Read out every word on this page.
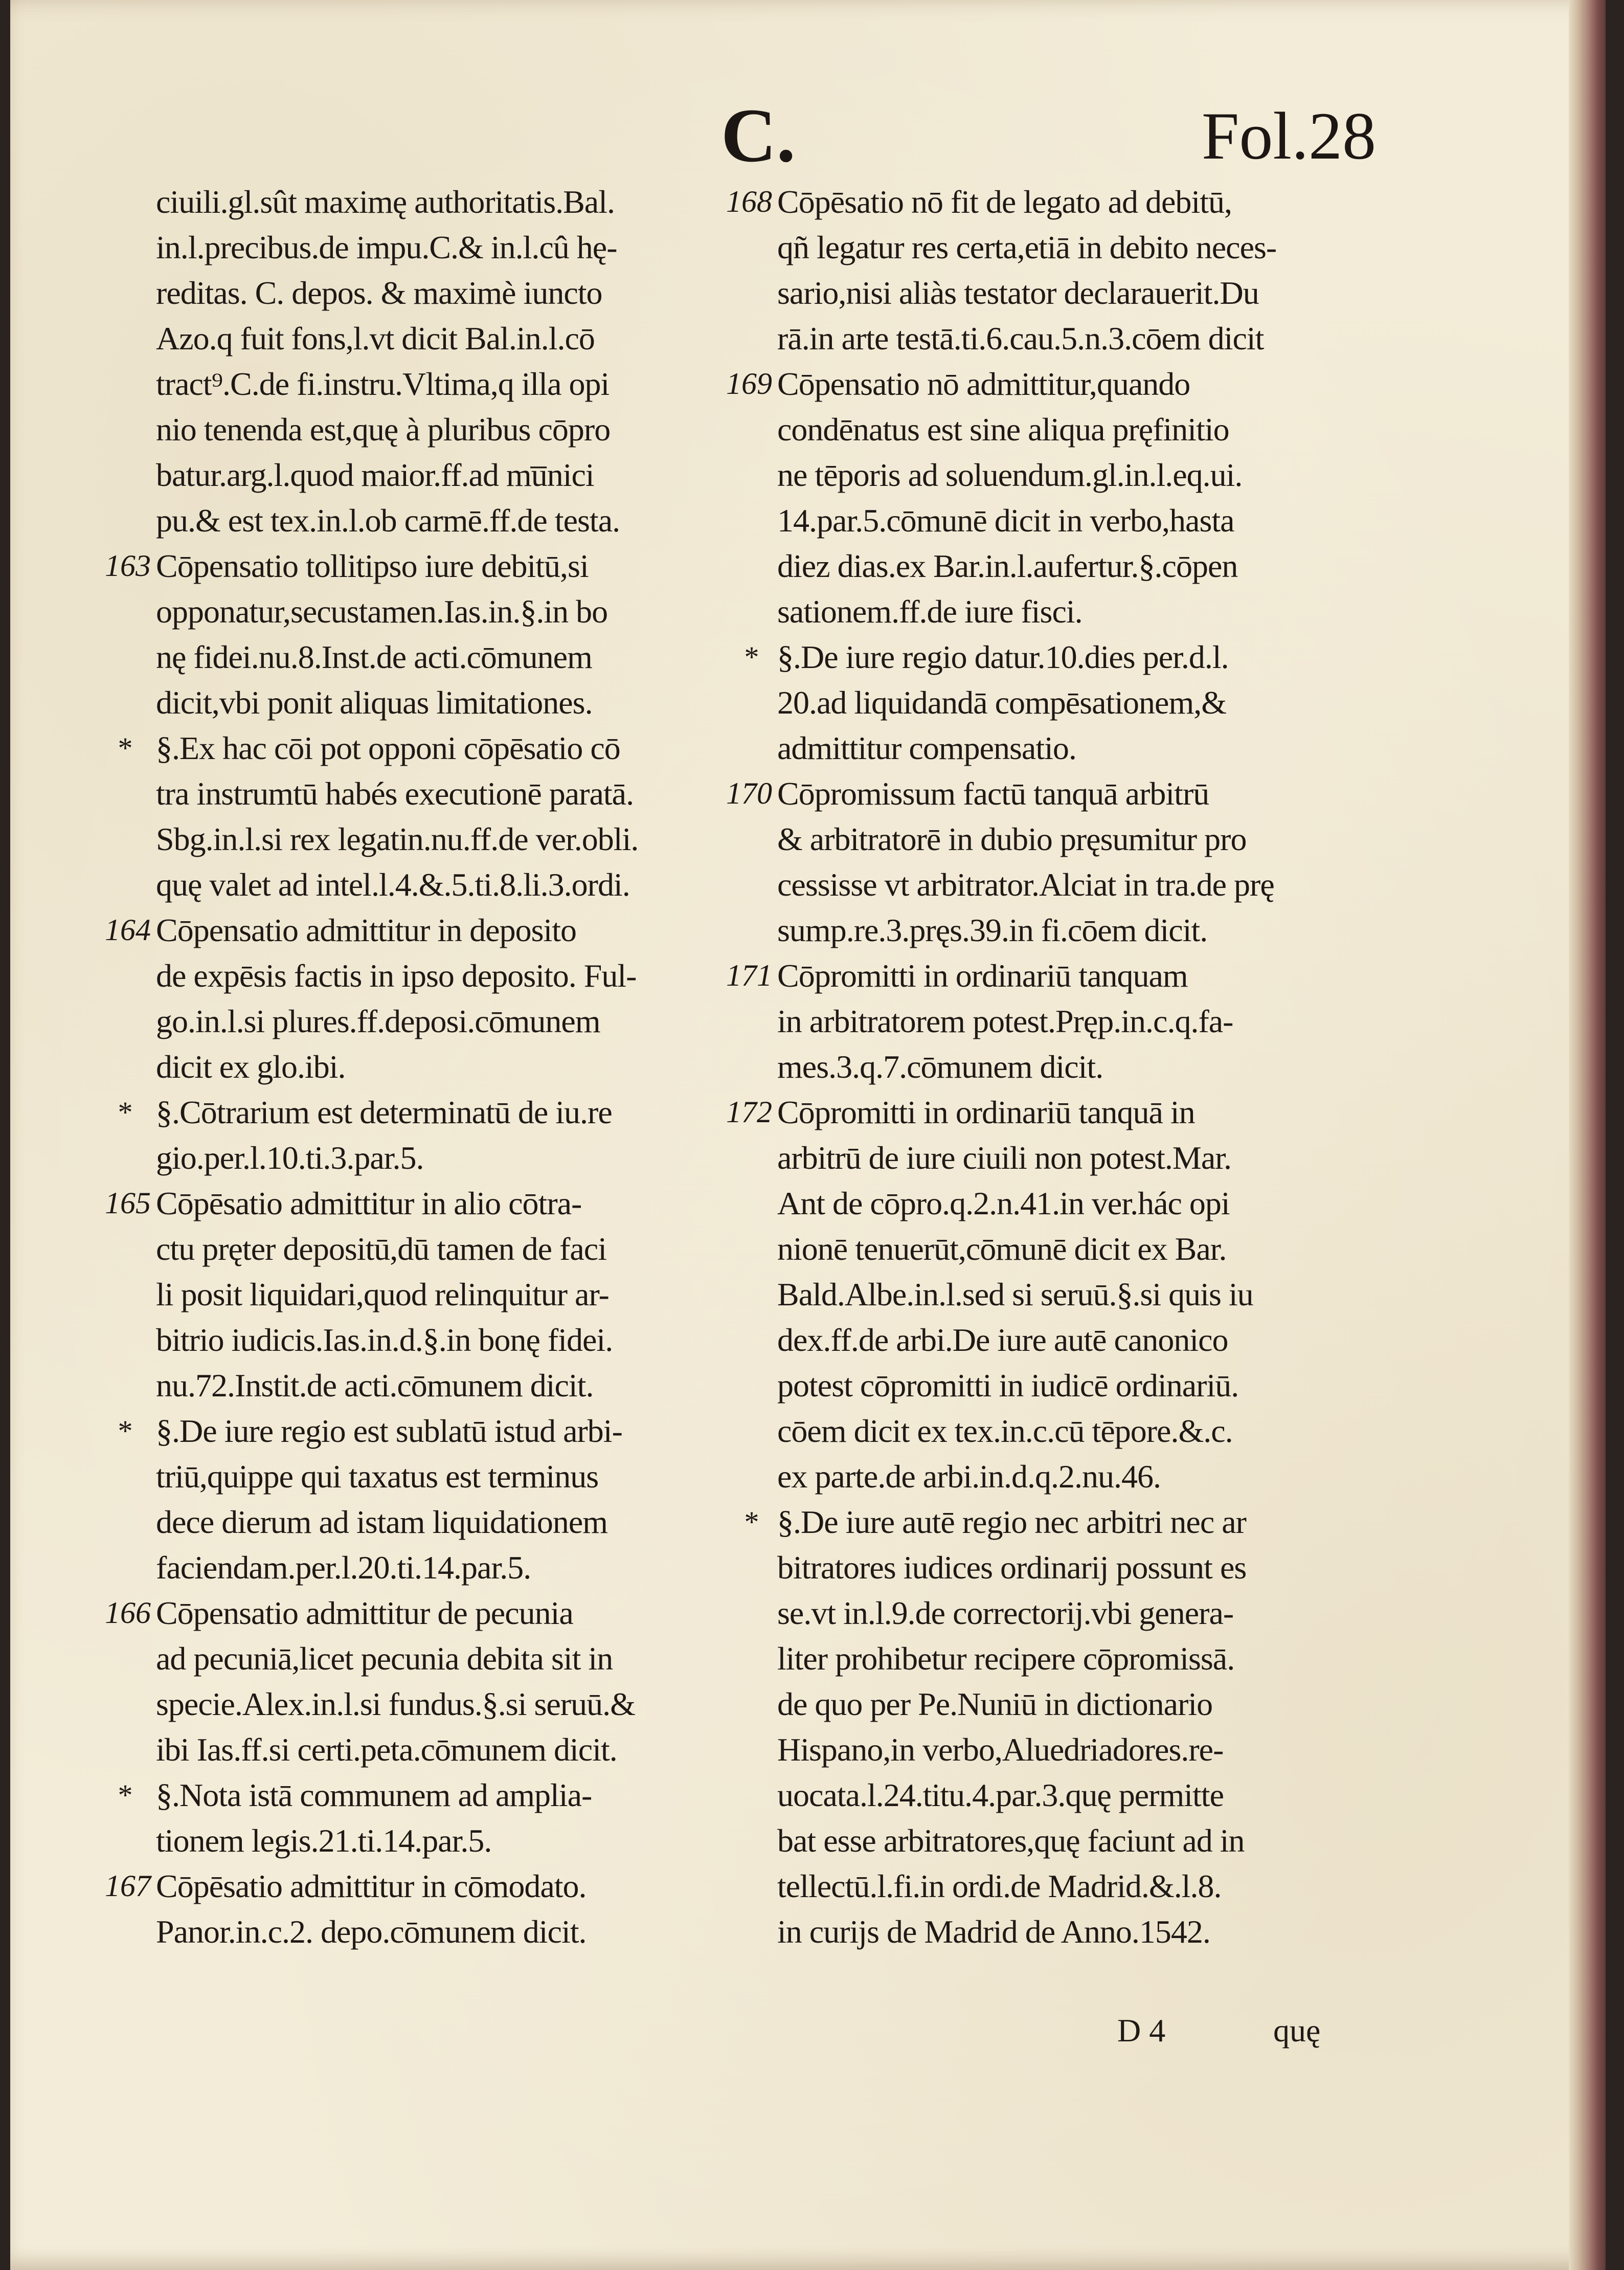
C.	Fol.28
ciuili.gl.sût maximę authoritatis.Bal.
in.l.precibus.de impu.C.& in.l.cû hę-
reditas. C. depos. & maximè iuncto
Azo.q fuit fons,l.vt dicit Bal.in.l.cō
tract⁹.C.de fi.instru.Vltima,q illa opi
nio tenenda est,quę à pluribus cōpro
batur.arg.l.quod maior.ff.ad mu̅nici
pu.& est tex.in.l.ob carmē.ff.de testa.
Cōpensatio tollitipso iure debitū,si
opponatur,secustamen.Ias.in.§.in bo
nę fidei.nu.8.Inst.de acti.cōmunem
dicit,vbi ponit aliquas limitationes.
§.Ex hac cōi pot opponi cōpēsatio cō
tra instrumtū habés executionē paratā.
Sbg.in.l.si rex legatin.nu.ff.de ver.obli.
quę valet ad intel.l.4.&.5.ti.8.li.3.ordi.
Cōpensatio admittitur in deposito
de expēsis factis in ipso deposito. Ful-
go.in.l.si plures.ff.deposi.cōmunem
dicit ex glo.ibi.
§.Cōtrarium est determinatū de iu.re
gio.per.l.10.ti.3.par.5.
Cōpēsatio admittitur in alio cōtra-
ctu pręter depositū,dū tamen de faci
li posit liquidari,quod relinquitur ar-
bitrio iudicis.Ias.in.d.§.in bonę fidei.
nu.72.Instit.de acti.cōmunem dicit.
§.De iure regio est sublatū istud arbi-
triū,quippe qui taxatus est terminus
dece dierum ad istam liquidationem
faciendam.per.l.20.ti.14.par.5.
Cōpensatio admittitur de pecunia
ad pecuniā,licet pecunia debita sit in
specie.Alex.in.l.si fundus.§.si seruū.&
ibi Ias.ff.si certi.peta.cōmunem dicit.
§.Nota istā communem ad amplia-
tionem legis.21.ti.14.par.5.
Cōpēsatio admittitur in cōmodato.
Panor.in.c.2. depo.cōmunem dicit.
Cōpēsatio nō fit de legato ad debitū,
qñ legatur res certa,etiā in debito neces-
sario,nisi aliàs testator declarauerit.Du
rā.in arte testā.ti.6.cau.5.n.3.cōem dicit
Cōpensatio nō admittitur,quando
condēnatus est sine aliqua pręfinitio
ne tēporis ad soluendum.gl.in.l.eq.ui.
14.par.5.cōmunē dicit in verbo,hasta
diez dias.ex Bar.in.l.aufertur.§.cōpen
sationem.ff.de iure fisci.
§.De iure regio datur.10.dies per.d.l.
20.ad liquidandā compēsationem,&
admittitur compensatio.
Cōpromissum factū tanquā arbitrū
& arbitratorē in dubio pręsumitur pro
cessisse vt arbitrator.Alciat in tra.de prę
sump.re.3.pręs.39.in fi.cōem dicit.
Cōpromitti in ordinariū tanquam
in arbitratorem potest.Pręp.in.c.q.fa-
mes.3.q.7.cōmunem dicit.
Cōpromitti in ordinariū tanquā in
arbitrū de iure ciuili non potest.Mar.
Ant de cōpro.q.2.n.41.in ver.hác opi
nionē tenuerūt,cōmunē dicit ex Bar.
Bald.Albe.in.l.sed si seruū.§.si quis iu
dex.ff.de arbi.De iure autē canonico
potest cōpromitti in iudicē ordinariū.
cōem dicit ex tex.in.c.cū tēpore.&.c.
ex parte.de arbi.in.d.q.2.nu.46.
§.De iure autē regio nec arbitri nec ar
bitratores iudices ordinarij possunt es
se.vt in.l.9.de correctorij.vbi genera-
liter prohibetur recipere cōpromissā.
de quo per Pe.Nuniū in dictionario
Hispano,in verbo,Aluedriadores.re-
uocata.l.24.titu.4.par.3.quę permitte
bat esse arbitratores,quę faciunt ad in
tellectū.l.fi.in ordi.de Madrid.&.l.8.
in curijs de Madrid de Anno.1542.
163
164
165
166
167
*
*
*
*
168
169
170
171
172
*
*
D 4	quę
